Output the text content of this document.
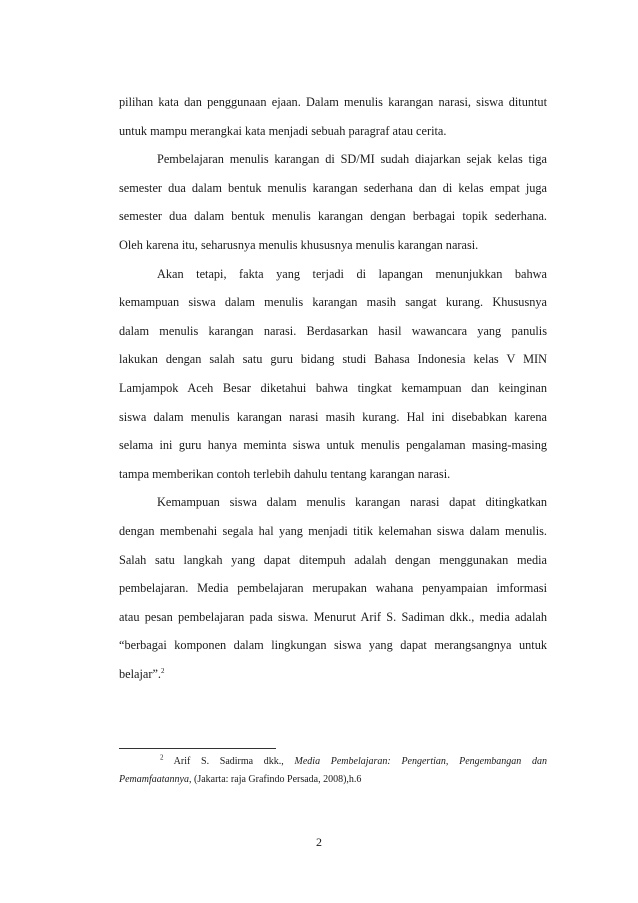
pilihan kata dan penggunaan ejaan. Dalam menulis karangan narasi, siswa dituntut
untuk mampu merangkai kata menjadi sebuah paragraf atau cerita.
Pembelajaran menulis karangan di SD/MI sudah diajarkan sejak kelas tiga
semester dua dalam bentuk menulis karangan sederhana dan di kelas empat juga
semester dua dalam bentuk menulis karangan dengan berbagai topik sederhana.
Oleh karena itu, seharusnya menulis khususnya menulis karangan narasi.
Akan tetapi, fakta yang terjadi di lapangan menunjukkan bahwa
kemampuan siswa dalam menulis karangan masih sangat kurang. Khususnya
dalam menulis karangan narasi. Berdasarkan hasil wawancara yang panulis
lakukan dengan salah satu guru bidang studi Bahasa Indonesia kelas V MIN
Lamjampok Aceh Besar diketahui bahwa tingkat kemampuan dan keinginan
siswa dalam menulis karangan narasi masih kurang. Hal ini disebabkan karena
selama ini guru hanya meminta siswa untuk menulis pengalaman masing-masing
tampa memberikan contoh terlebih dahulu tentang karangan narasi.
Kemampuan siswa dalam menulis karangan narasi dapat ditingkatkan
dengan membenahi segala hal yang menjadi titik kelemahan siswa dalam menulis.
Salah satu langkah yang dapat ditempuh adalah dengan menggunakan media
pembelajaran. Media pembelajaran merupakan wahana penyampaian imformasi
atau pesan pembelajaran pada siswa. Menurut Arif S. Sadiman dkk., media adalah
“berbagai komponen dalam lingkungan siswa yang dapat merangsangnya untuk
belajar”.$^2$
$^2$ Arif S. Sadirma dkk., Media Pembelajaran: Pengertian, Pengembangan dan
Pemamfaatannya, (Jakarta: raja Grafindo Persada, 2008),h.6
2
